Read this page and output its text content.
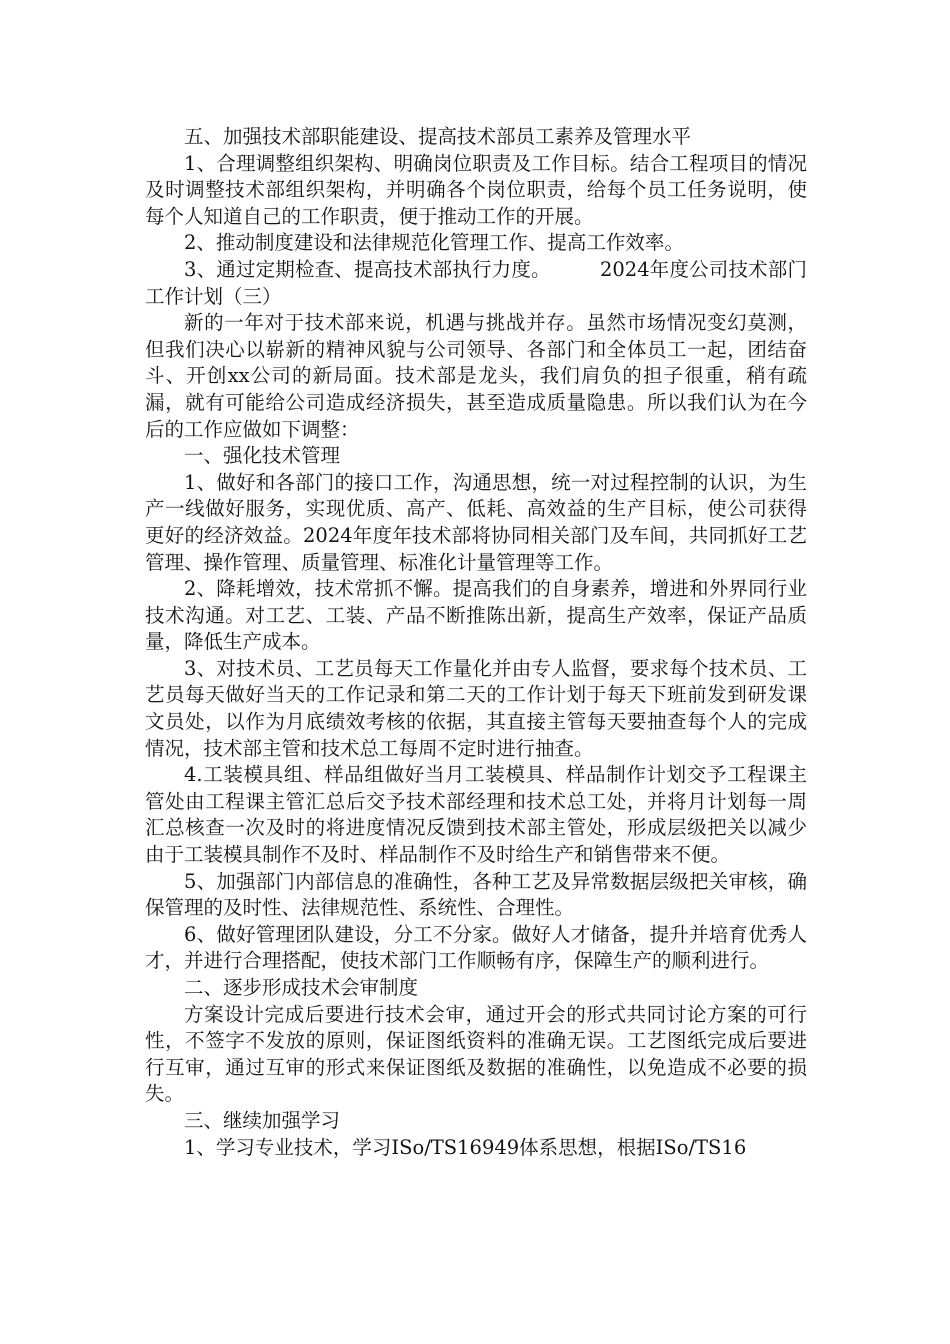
五、加强技术部职能建设、提高技术部员工素养及管理水平

1、合理调整组织架构、明确岗位职责及工作目标。结合工程项目的情况及时调整技术部组织架构，并明确各个岗位职责，给每个员工任务说明，使每个人知道自己的工作职责，便于推动工作的开展。

2、推动制度建设和法律规范化管理工作、提高工作效率。

3、通过定期检查、提高技术部执行力度。　　　2024年度公司技术部门工作计划（三）

新的一年对于技术部来说，机遇与挑战并存。虽然市场情况变幻莫测，但我们决心以崭新的精神风貌与公司领导、各部门和全体员工一起，团结奋斗、开创xx公司的新局面。技术部是龙头，我们肩负的担子很重，稍有疏漏，就有可能给公司造成经济损失，甚至造成质量隐患。所以我们认为在今后的工作应做如下调整：

一、强化技术管理

1、做好和各部门的接口工作，沟通思想，统一对过程控制的认识，为生产一线做好服务，实现优质、高产、低耗、高效益的生产目标，使公司获得更好的经济效益。2024年度年技术部将协同相关部门及车间，共同抓好工艺管理、操作管理、质量管理、标准化计量管理等工作。

2、降耗增效，技术常抓不懈。提高我们的自身素养，增进和外界同行业技术沟通。对工艺、工装、产品不断推陈出新，提高生产效率，保证产品质量，降低生产成本。

3、对技术员、工艺员每天工作量化并由专人监督，要求每个技术员、工艺员每天做好当天的工作记录和第二天的工作计划于每天下班前发到研发课文员处，以作为月底绩效考核的依据，其直接主管每天要抽查每个人的完成情况，技术部主管和技术总工每周不定时进行抽查。

4.工装模具组、样品组做好当月工装模具、样品制作计划交予工程课主管处由工程课主管汇总后交予技术部经理和技术总工处，并将月计划每一周汇总核查一次及时的将进度情况反馈到技术部主管处，形成层级把关以减少由于工装模具制作不及时、样品制作不及时给生产和销售带来不便。

5、加强部门内部信息的准确性，各种工艺及异常数据层级把关审核，确保管理的及时性、法律规范性、系统性、合理性。

6、做好管理团队建设，分工不分家。做好人才储备，提升并培育优秀人才，并进行合理搭配，使技术部门工作顺畅有序，保障生产的顺利进行。

二、逐步形成技术会审制度

方案设计完成后要进行技术会审，通过开会的形式共同讨论方案的可行性，不签字不发放的原则，保证图纸资料的准确无误。工艺图纸完成后要进行互审，通过互审的形式来保证图纸及数据的准确性，以免造成不必要的损失。

三、继续加强学习

1、学习专业技术，学习ISo/TS16949体系思想，根据ISo/TS16
